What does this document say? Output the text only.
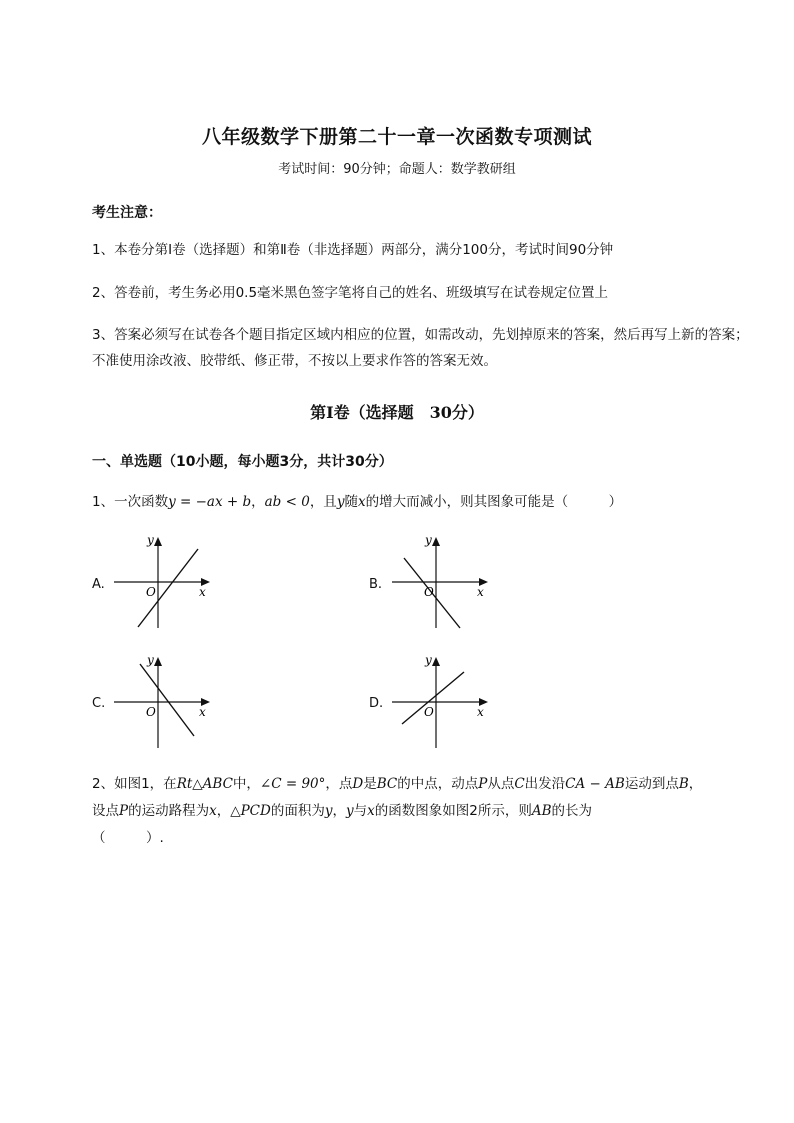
八年级数学下册第二十一章一次函数专项测试
考试时间：90分钟；命题人：数学教研组
考生注意：
1、本卷分第I卷（选择题）和第Ⅱ卷（非选择题）两部分，满分100分，考试时间90分钟
2、答卷前，考生务必用0.5毫米黑色签字笔将自己的姓名、班级填写在试卷规定位置上
3、答案必须写在试卷各个题目指定区域内相应的位置，如需改动，先划掉原来的答案，然后再写上新的答案；不准使用涂改液、胶带纸、修正带，不按以上要求作答的答案无效。
第I卷（选择题　30分）
一、单选题（10小题，每小题3分，共计30分）
1、一次函数y = −ax + b，ab < 0，且y随x的增大而减小，则其图象可能是（　　　）
A.
y
O	x	B.
y
O	x
C.
y
O	x
D.
y
O	x
2、如图1，在Rt△ABC中，∠C = 90°，点D是BC的中点，动点P从点C出发沿CA − AB运动到点B，
设点P的运动路程为x，△PCD的面积为y，y与x的函数图象如图2所示，则AB的长为
（　　　）.
